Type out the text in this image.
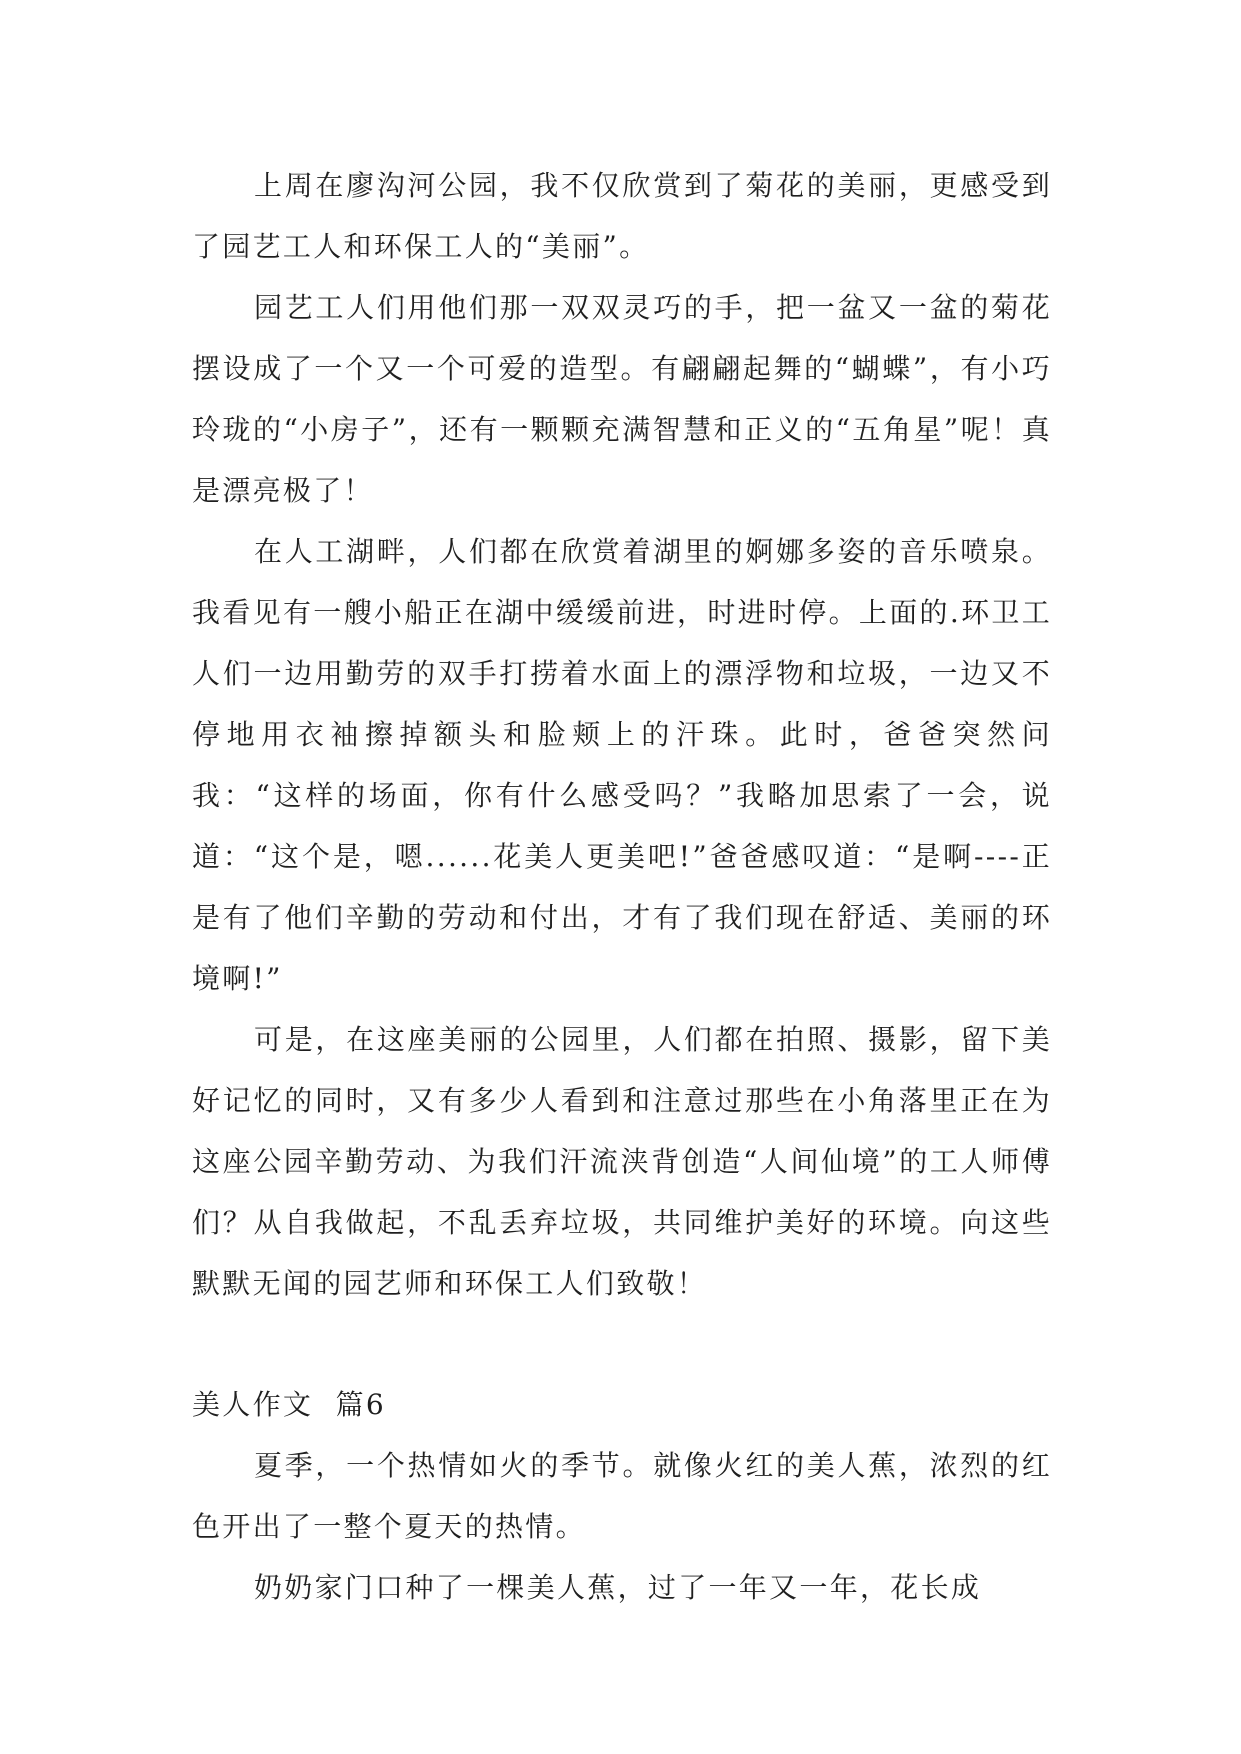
上周在廖沟河公园，我不仅欣赏到了菊花的美丽，更感受到了园艺工人和环保工人的“美丽”。

园艺工人们用他们那一双双灵巧的手，把一盆又一盆的菊花摆设成了一个又一个可爱的造型。有翩翩起舞的“蝴蝶”，有小巧玲珑的“小房子”，还有一颗颗充满智慧和正义的“五角星”呢！真是漂亮极了！

在人工湖畔，人们都在欣赏着湖里的婀娜多姿的音乐喷泉。我看见有一艘小船正在湖中缓缓前进，时进时停。上面的.环卫工人们一边用勤劳的双手打捞着水面上的漂浮物和垃圾，一边又不停地用衣袖擦掉额头和脸颊上的汗珠。此时，爸爸突然问我：“这样的场面，你有什么感受吗？”我略加思索了一会，说道：“这个是，嗯......花美人更美吧!”爸爸感叹道：“是啊----正是有了他们辛勤的劳动和付出，才有了我们现在舒适、美丽的环境啊!”

可是，在这座美丽的公园里，人们都在拍照、摄影，留下美好记忆的同时，又有多少人看到和注意过那些在小角落里正在为这座公园辛勤劳动、为我们汗流浃背创造“人间仙境”的工人师傅们？从自我做起，不乱丢弃垃圾，共同维护美好的环境。向这些默默无闻的园艺师和环保工人们致敬！

美人作文  篇6

夏季，一个热情如火的季节。就像火红的美人蕉，浓烈的红色开出了一整个夏天的热情。

奶奶家门口种了一棵美人蕉，过了一年又一年，花长成
